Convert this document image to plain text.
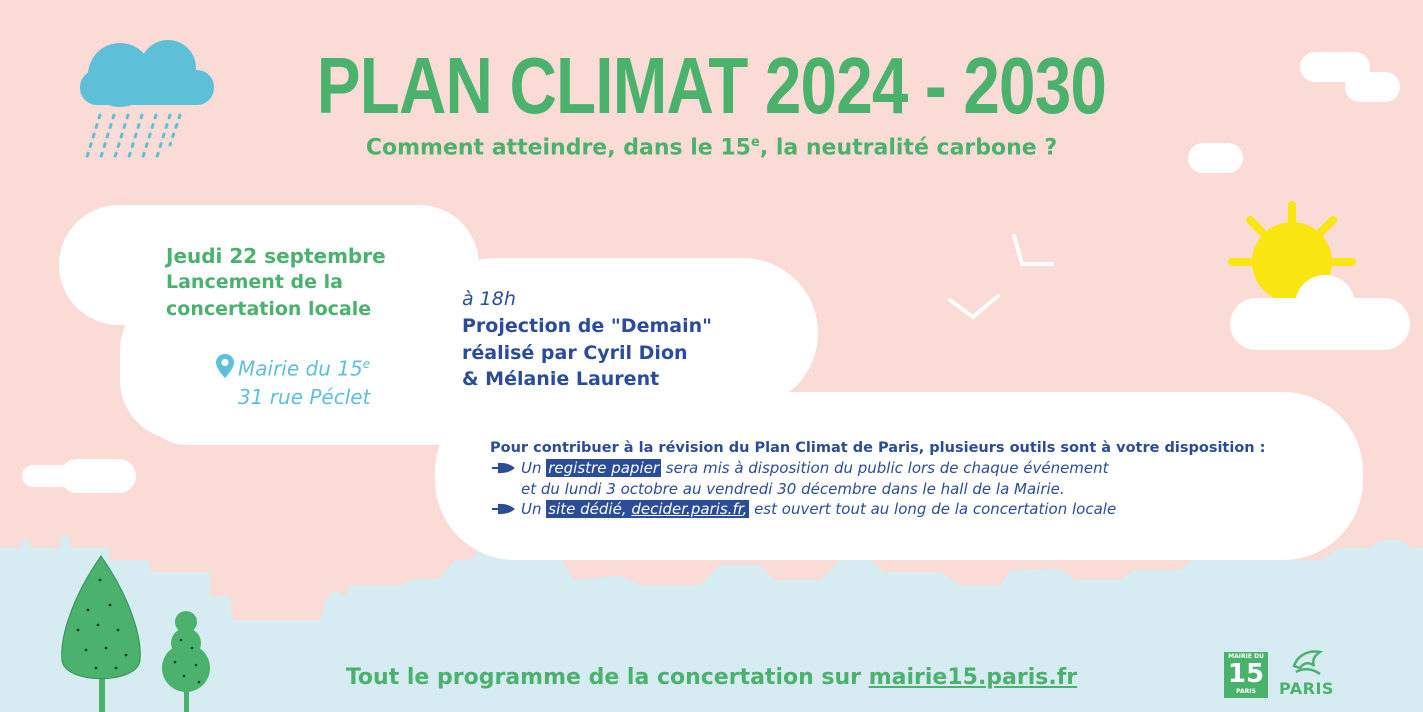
PLAN CLIMAT 2024 - 2030
Comment atteindre, dans le 15e, la neutralité carbone ?
Jeudi 22 septembre
Lancement de la concertation locale
Mairie du 15e
31 rue Péclet
à 18h
Projection de "Demain"
réalisé par Cyril Dion
& Mélanie Laurent
Pour contribuer à la révision du Plan Climat de Paris, plusieurs outils sont à votre disposition :
Un registre papier sera mis à disposition du public lors de chaque événement
et du lundi 3 octobre au vendredi 30 décembre dans le hall de la Mairie.
Un site dédié, decider.paris.fr, est ouvert tout au long de la concertation locale
Tout le programme de la concertation sur mairie15.paris.fr
MAIRIE DU
15
PARIS	PARIS
